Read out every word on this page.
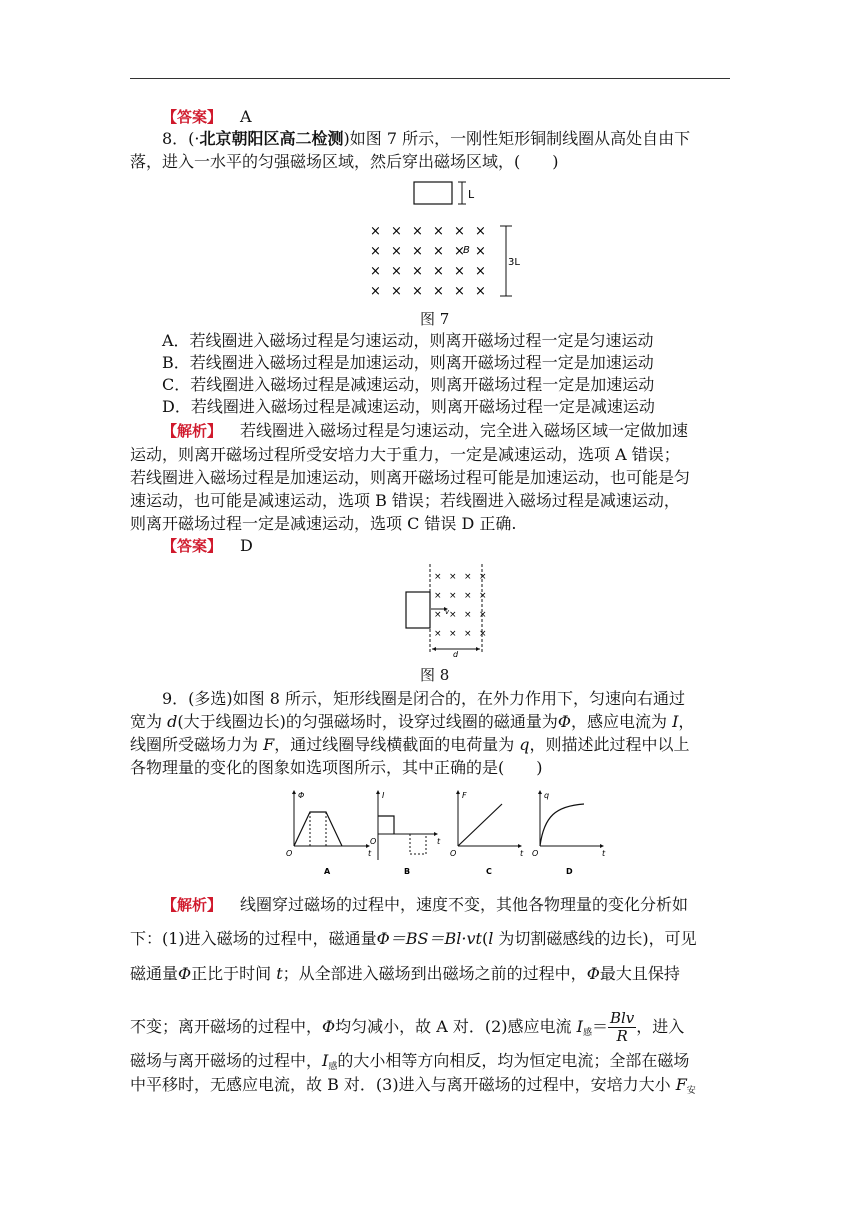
【答案】 A
8．(·北京朝阳区高二检测)如图 7 所示，一刚性矩形铜制线圈从高处自由下
落，进入一水平的匀强磁场区域，然后穿出磁场区域，(　　)
L
× × × × × ×
× × × × × ×
× × × × × ×
× × × × × ×
B
3L
图 7
A．若线圈进入磁场过程是匀速运动，则离开磁场过程一定是匀速运动
B．若线圈进入磁场过程是加速运动，则离开磁场过程一定是加速运动
C．若线圈进入磁场过程是减速运动，则离开磁场过程一定是加速运动
D．若线圈进入磁场过程是减速运动，则离开磁场过程一定是减速运动
【解析】 若线圈进入磁场过程是匀速运动，完全进入磁场区域一定做加速
运动，则离开磁场过程所受安培力大于重力，一定是减速运动，选项 A 错误；
若线圈进入磁场过程是加速运动，则离开磁场过程可能是加速运动，也可能是匀
速运动，也可能是减速运动，选项 B 错误；若线圈进入磁场过程是减速运动，
则离开磁场过程一定是减速运动，选项 C 错误 D 正确.
【答案】 D
× × × ×
× × × ×
× × × ×
× × × ×
v
d
图 8
9．(多选)如图 8 所示，矩形线圈是闭合的，在外力作用下，匀速向右通过
宽为 d(大于线圈边长)的匀强磁场时，设穿过线圈的磁通量为Φ，感应电流为 I，
线圈所受磁场力为 F，通过线圈导线横截面的电荷量为 q，则描述此过程中以上
各物理量的变化的图象如选项图所示，其中正确的是(　　)
Φ
O	t
A
I
O	t
B
F
O	t
C
q
O	t
D
【解析】 线圈穿过磁场的过程中，速度不变，其他各物理量的变化分析如
下：(1)进入磁场的过程中，磁通量Φ＝BS＝Bl·vt(l 为切割磁感线的边长)，可见
磁通量Φ正比于时间 t；从全部进入磁场到出磁场之前的过程中，Φ最大且保持
不变；离开磁场的过程中，Φ均匀减小，故 A 对．(2)感应电流 $I_感= \frac{\text{Blv}}{R}$ ，进入
磁场与离开磁场的过程中，$I_感$的大小相等方向相反，均为恒定电流；全部在磁场
中平移时，无感应电流，故 B 对．(3)进入与离开磁场的过程中，安培力大小 $F_安$
